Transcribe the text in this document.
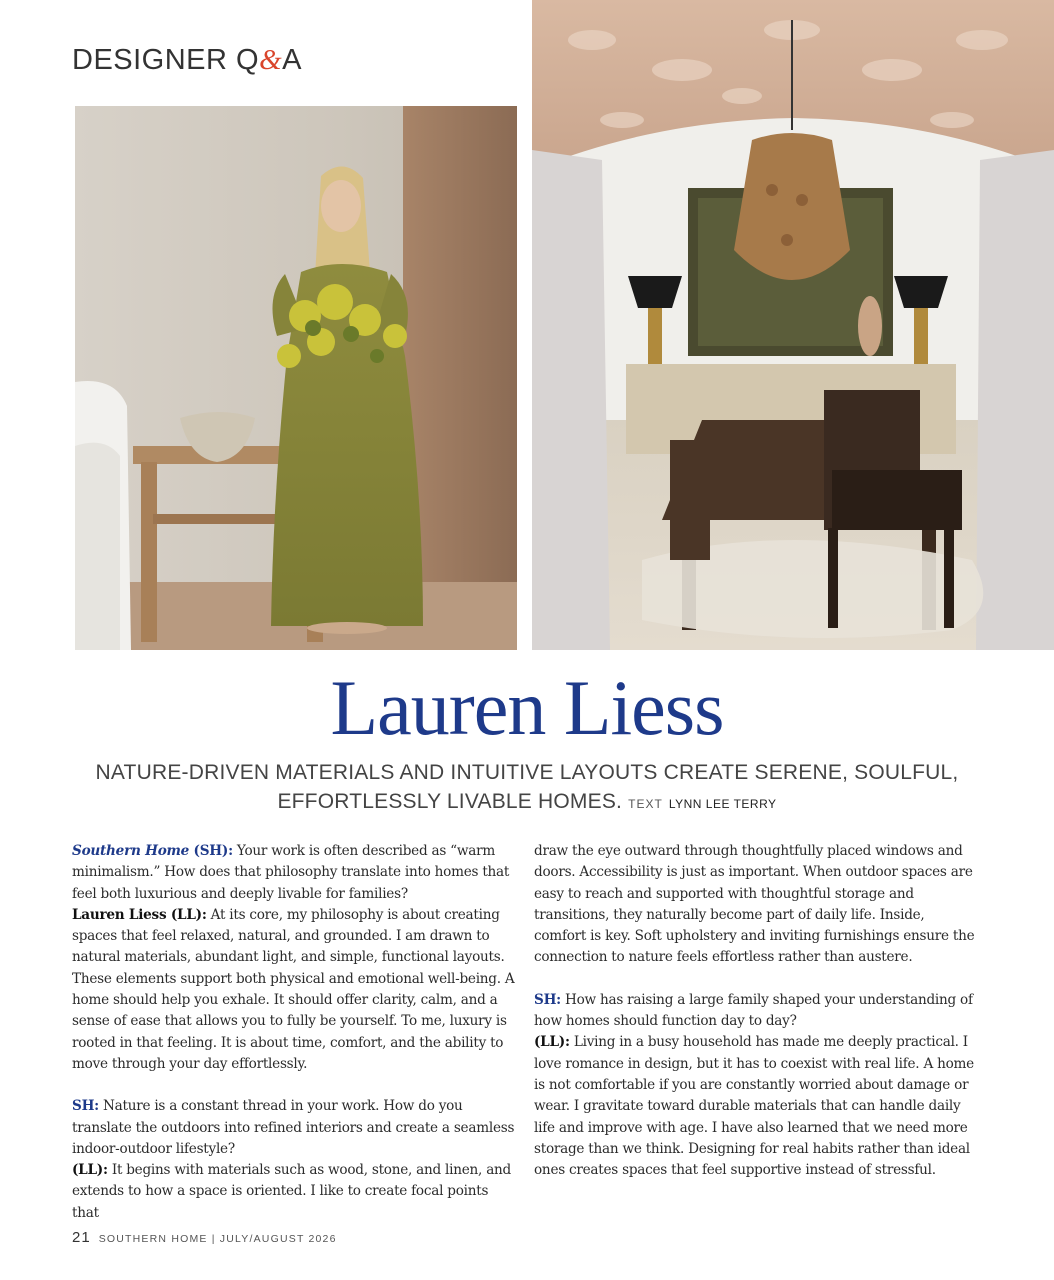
DESIGNER Q&A
Lauren Liess
NATURE-DRIVEN MATERIALS AND INTUITIVE LAYOUTS CREATE SERENE, SOULFUL, EFFORTLESSLY LIVABLE HOMES. TEXT LYNN LEE TERRY

Southern Home (SH): Your work is often described as “warm minimalism.” How does that philosophy translate into homes that feel both luxurious and deeply livable for families?

Lauren Liess (LL): At its core, my philosophy is about creating spaces that feel relaxed, natural, and grounded. I am drawn to natural materials, abundant light, and simple, functional layouts. These elements support both physical and emotional well-being. A home should help you exhale. It should offer clarity, calm, and a sense of ease that allows you to fully be yourself. To me, luxury is rooted in that feeling. It is about time, comfort, and the ability to move through your day effortlessly.

SH: Nature is a constant thread in your work. How do you translate the outdoors into refined interiors and create a seamless indoor-outdoor lifestyle?

(LL): It begins with materials such as wood, stone, and linen, and extends to how a space is oriented. I like to create focal points that

draw the eye outward through thoughtfully placed windows and doors. Accessibility is just as important. When outdoor spaces are easy to reach and supported with thoughtful storage and transitions, they naturally become part of daily life. Inside, comfort is key. Soft upholstery and inviting furnishings ensure the connection to nature feels effortless rather than austere.

SH: How has raising a large family shaped your understanding of how homes should function day to day?

(LL): Living in a busy household has made me deeply practical. I love romance in design, but it has to coexist with real life. A home is not comfortable if you are constantly worried about damage or wear. I gravitate toward durable materials that can handle daily life and improve with age. I have also learned that we need more storage than we think. Designing for real habits rather than ideal ones creates spaces that feel supportive instead of stressful.

21 SOUTHERN HOME | JULY/AUGUST 2026
